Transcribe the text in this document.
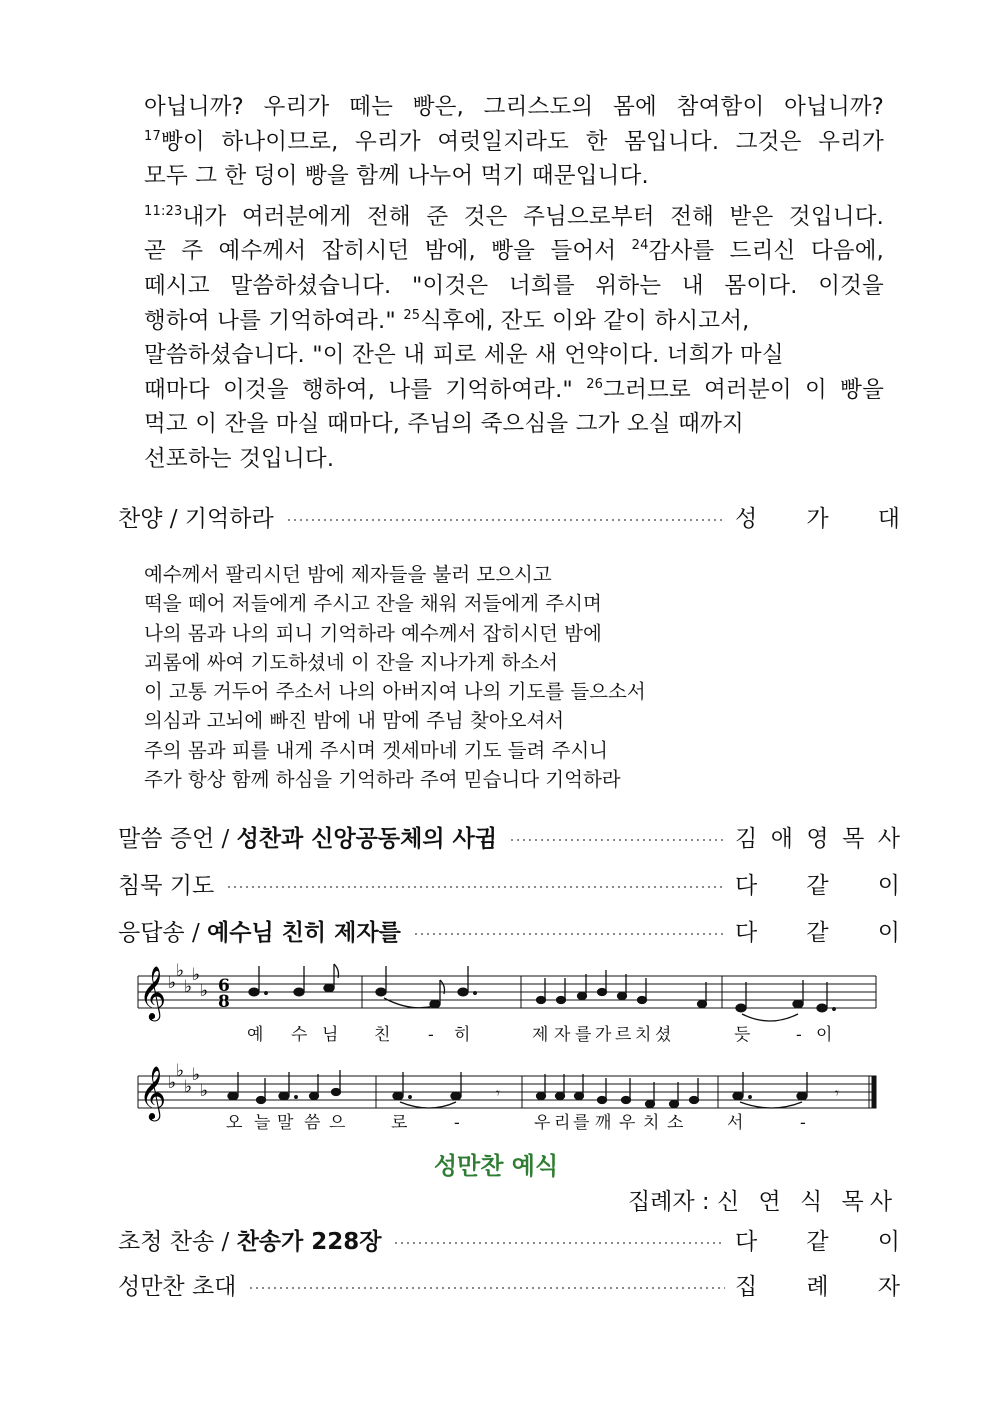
아닙니까? 우리가 떼는 빵은, 그리스도의 몸에 참여함이 아닙니까?
$^{17}$빵이 하나이므로, 우리가 여럿일지라도 한 몸입니다. 그것은 우리가
모두 그 한 덩이 빵을 함께 나누어 먹기 때문입니다.

$^{11:23}$내가 여러분에게 전해 준 것은 주님으로부터 전해 받은 것입니다.
곧 주 예수께서 잡히시던 밤에, 빵을 들어서 $^{24}$감사를 드리신 다음에,
떼시고 말씀하셨습니다. "이것은 너희를 위하는 내 몸이다. 이것을
행하여 나를 기억하여라." $^{25}$식후에, 잔도 이와 같이 하시고서,
말씀하셨습니다. "이 잔은 내 피로 세운 새 언약이다. 너희가 마실
때마다 이것을 행하여, 나를 기억하여라." $^{26}$그러므로 여러분이 이 빵을
먹고 이 잔을 마실 때마다, 주님의 죽으심을 그가 오실 때까지
선포하는 것입니다.

찬양 / 기억하라	성 가 대
예수께서 팔리시던 밤에 제자들을 불러 모으시고
떡을 떼어 저들에게 주시고 잔을 채워 저들에게 주시며
나의 몸과 나의 피니 기억하라 예수께서 잡히시던 밤에
괴롬에 싸여 기도하셨네 이 잔을 지나가게 하소서
이 고통 거두어 주소서 나의 아버지여 나의 기도를 들으소서
의심과 고뇌에 빠진 밤에 내 맘에 주님 찾아오셔서
주의 몸과 피를 내게 주시며 겟세마네 기도 들려 주시니
주가 항상 함께 하심을 기억하라 주여 믿습니다 기억하라
말씀 증언 / 성찬과 신앙공동체의 사귐	김 애 영 목 사
침묵 기도	다 같 이
응답송 / 예수님 친히 제자를	다 같 이
𝄞 ♭
♭
♭
♭
♭ 6
8
예 수 님 친 - 히	제 자 를 가 르 치 셨	듯	- 이
𝄞 ♭
♭
♭
♭
♭	𝄾	𝄾
오 늘 말 씀 으	로	-	우 리 를 깨 우 치 소	서	-
성만찬 예식
집례자 : 신 연 식 목사
초청 찬송 / 찬송가 228장	다 같 이
성만찬 초대	집 례 자
